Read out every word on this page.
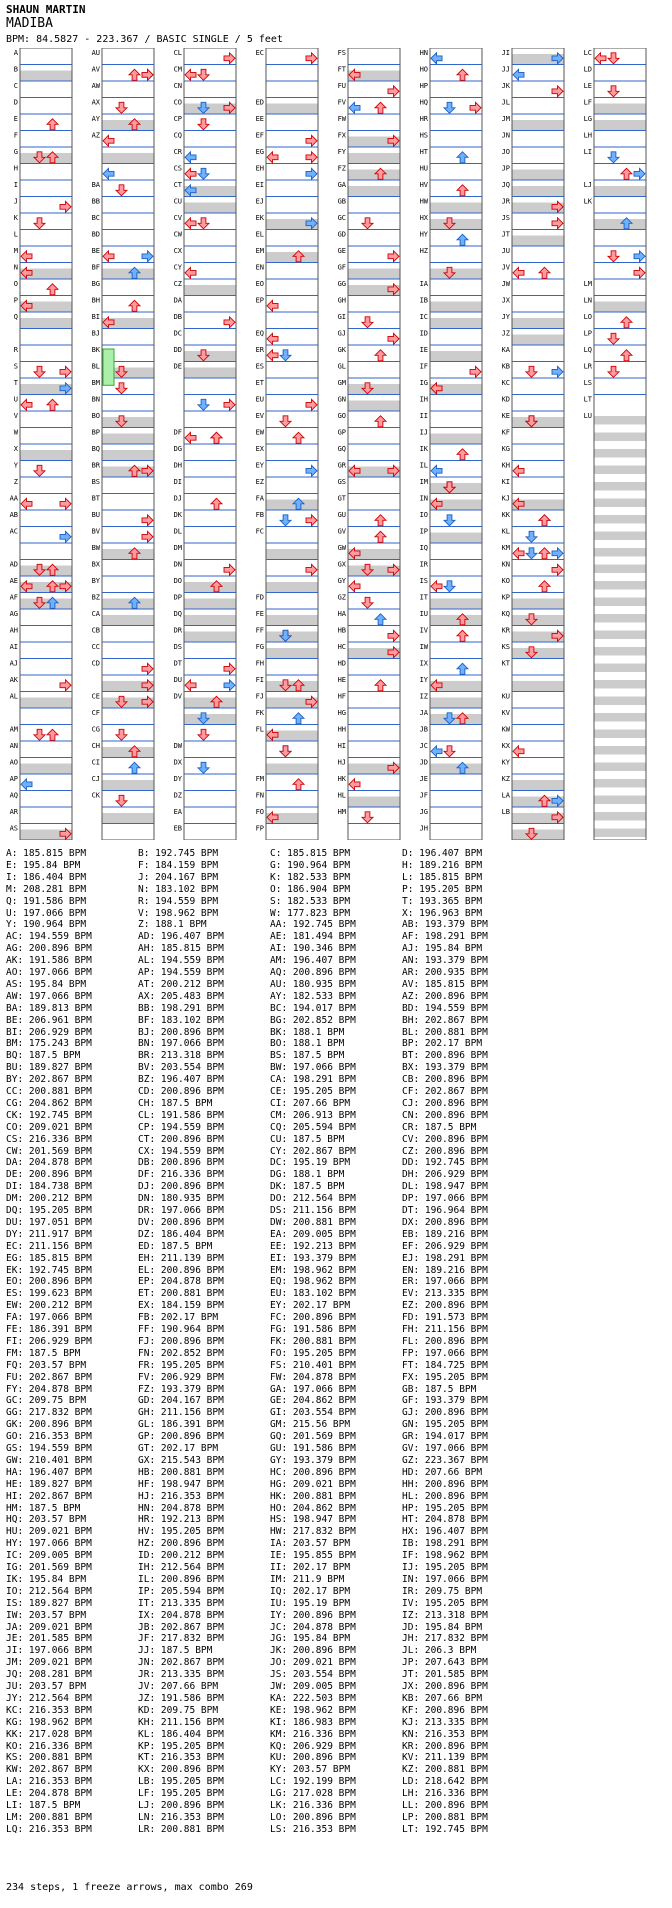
SHAUN MARTIN
MADIBA
BPM: 84.5827 - 223.367 / BASIC SINGLE / 5 feet
A
B
C
D
E
F
G
H
I
J
K
L
M
N
O
P
Q
R
S
T
U
V
W
X
Y
Z
AA
AB
AC
AD
AE
AF
AG
AH
AI
AJ
AK
AL
AM
AN
AO
AP
AQ
AR
AS
AU
AV
AW
AX
AY
AZ
BA
BB
BC
BD
BE
BF
BG
BH
BI
BJ
BK
BL
BM
BN
BO
BP
BQ
BR
BS
BT
BU
BV
BW
BX
BY
BZ
CA
CB
CC
CD
CE
CF
CG
CH
CI
CJ
CK
CL
CM
CN
CO
CP
CQ
CR
CS
CT
CU
CV
CW
CX
CY
CZ
DA
DB
DC
DD
DE
DF
DG
DH
DI
DJ
DK
DL
DM
DN
DO
DP
DQ
DR
DS
DT
DU
DV
DW
DX
DY
DZ
EA
EB
EC
ED
EE
EF
EG
EH
EI
EJ
EK
EL
EM
EN
EO
EP
EQ
ER
ES
ET
EU
EV
EW
EX
EY
EZ
FA
FB
FC
FD
FE
FF
FG
FH
FI
FJ
FK
FL
FM
FN
FO
FP
FS
FT
FU
FV
FW
FX
FY
FZ
GA
GB
GC
GD
GE
GF
GG
GH
GI
GJ
GK
GL
GM
GN
GO
GP
GQ
GR
GS
GT
GU
GV
GW
GX
GY
GZ
HA
HB
HC
HD
HE
HF
HG
HH
HI
HJ
HK
HL
HM
HN
HO
HP
HQ
HR
HS
HT
HU
HV
HW
HX
HY
HZ
IA
IB
IC
ID
IE
IF
IG
IH
II
IJ
IK
IL
IM
IN
IO
IP
IQ
IR
IS
IT
IU
IV
IW
IX
IY
IZ
JA
JB
JC
JD
JE
JF
JG
JH
JI
JJ
JK
JL
JM
JN
JO
JP
JQ
JR
JS
JT
JU
JV
JW
JX
JY
JZ
KA
KB
KC
KD
KE
KF
KG
KH
KI
KJ
KK
KL
KM
KN
KO
KP
KQ
KR
KS
KT
KU
KV
KW
KX
KY
KZ
LA
LB
LC
LD
LE
LF
LG
LH
LI
LJ
LK
LM
LN
LO
LP
LQ
LR
LS
LT
LU
A: 185.815 BPM	B: 192.745 BPM	C: 185.815 BPM	D: 196.407 BPM
E: 195.84 BPM	F: 184.159 BPM	G: 190.964 BPM	H: 189.216 BPM
I: 186.404 BPM	J: 204.167 BPM	K: 182.533 BPM	L: 185.815 BPM
M: 208.281 BPM	N: 183.102 BPM	O: 186.904 BPM	P: 195.205 BPM
Q: 191.586 BPM	R: 194.559 BPM	S: 182.533 BPM	T: 193.365 BPM
U: 197.066 BPM	V: 198.962 BPM	W: 177.823 BPM	X: 196.963 BPM
Y: 190.964 BPM	Z: 188.1 BPM	AA: 192.745 BPM	AB: 193.379 BPM
AC: 194.559 BPM	AD: 196.407 BPM	AE: 181.494 BPM	AF: 198.291 BPM
AG: 200.896 BPM	AH: 185.815 BPM	AI: 190.346 BPM	AJ: 195.84 BPM
AK: 191.586 BPM	AL: 194.559 BPM	AM: 196.407 BPM	AN: 193.379 BPM
AO: 197.066 BPM	AP: 194.559 BPM	AQ: 200.896 BPM	AR: 200.935 BPM
AS: 195.84 BPM	AT: 200.212 BPM	AU: 180.935 BPM	AV: 185.815 BPM
AW: 197.066 BPM	AX: 205.483 BPM	AY: 182.533 BPM	AZ: 200.896 BPM
BA: 189.813 BPM	BB: 198.291 BPM	BC: 194.017 BPM	BD: 194.559 BPM
BE: 206.961 BPM	BF: 183.102 BPM	BG: 202.852 BPM	BH: 202.867 BPM
BI: 206.929 BPM	BJ: 200.896 BPM	BK: 188.1 BPM	BL: 200.881 BPM
BM: 175.243 BPM	BN: 197.066 BPM	BO: 188.1 BPM	BP: 202.17 BPM
BQ: 187.5 BPM	BR: 213.318 BPM	BS: 187.5 BPM	BT: 200.896 BPM
BU: 189.827 BPM	BV: 203.554 BPM	BW: 197.066 BPM	BX: 193.379 BPM
BY: 202.867 BPM	BZ: 196.407 BPM	CA: 198.291 BPM	CB: 200.896 BPM
CC: 200.881 BPM	CD: 200.896 BPM	CE: 195.205 BPM	CF: 202.867 BPM
CG: 204.862 BPM	CH: 187.5 BPM	CI: 207.66 BPM	CJ: 200.896 BPM
CK: 192.745 BPM	CL: 191.586 BPM	CM: 206.913 BPM	CN: 200.896 BPM
CO: 209.021 BPM	CP: 194.559 BPM	CQ: 205.594 BPM	CR: 187.5 BPM
CS: 216.336 BPM	CT: 200.896 BPM	CU: 187.5 BPM	CV: 200.896 BPM
CW: 201.569 BPM	CX: 194.559 BPM	CY: 202.867 BPM	CZ: 200.896 BPM
DA: 204.878 BPM	DB: 200.896 BPM	DC: 195.19 BPM	DD: 192.745 BPM
DE: 200.896 BPM	DF: 216.336 BPM	DG: 188.1 BPM	DH: 206.929 BPM
DI: 184.738 BPM	DJ: 200.896 BPM	DK: 187.5 BPM	DL: 198.947 BPM
DM: 200.212 BPM	DN: 180.935 BPM	DO: 212.564 BPM	DP: 197.066 BPM
DQ: 195.205 BPM	DR: 197.066 BPM	DS: 211.156 BPM	DT: 196.964 BPM
DU: 197.051 BPM	DV: 200.896 BPM	DW: 200.881 BPM	DX: 200.896 BPM
DY: 211.917 BPM	DZ: 186.404 BPM	EA: 209.005 BPM	EB: 189.216 BPM
EC: 211.156 BPM	ED: 187.5 BPM	EE: 192.213 BPM	EF: 206.929 BPM
EG: 185.815 BPM	EH: 211.139 BPM	EI: 193.379 BPM	EJ: 198.291 BPM
EK: 192.745 BPM	EL: 200.896 BPM	EM: 198.962 BPM	EN: 189.216 BPM
EO: 200.896 BPM	EP: 204.878 BPM	EQ: 198.962 BPM	ER: 197.066 BPM
ES: 199.623 BPM	ET: 200.881 BPM	EU: 183.102 BPM	EV: 213.335 BPM
EW: 200.212 BPM	EX: 184.159 BPM	EY: 202.17 BPM	EZ: 200.896 BPM
FA: 197.066 BPM	FB: 202.17 BPM	FC: 200.896 BPM	FD: 191.573 BPM
FE: 186.391 BPM	FF: 190.964 BPM	FG: 191.586 BPM	FH: 211.156 BPM
FI: 206.929 BPM	FJ: 200.896 BPM	FK: 200.881 BPM	FL: 200.896 BPM
FM: 187.5 BPM	FN: 202.852 BPM	FO: 195.205 BPM	FP: 197.066 BPM
FQ: 203.57 BPM	FR: 195.205 BPM	FS: 210.401 BPM	FT: 184.725 BPM
FU: 202.867 BPM	FV: 206.929 BPM	FW: 204.878 BPM	FX: 195.205 BPM
FY: 204.878 BPM	FZ: 193.379 BPM	GA: 197.066 BPM	GB: 187.5 BPM
GC: 209.75 BPM	GD: 204.167 BPM	GE: 204.862 BPM	GF: 193.379 BPM
GG: 217.832 BPM	GH: 211.156 BPM	GI: 203.554 BPM	GJ: 200.896 BPM
GK: 200.896 BPM	GL: 186.391 BPM	GM: 215.56 BPM	GN: 195.205 BPM
GO: 216.353 BPM	GP: 200.896 BPM	GQ: 201.569 BPM	GR: 194.017 BPM
GS: 194.559 BPM	GT: 202.17 BPM	GU: 191.586 BPM	GV: 197.066 BPM
GW: 210.401 BPM	GX: 215.543 BPM	GY: 193.379 BPM	GZ: 223.367 BPM
HA: 196.407 BPM	HB: 200.881 BPM	HC: 200.896 BPM	HD: 207.66 BPM
HE: 189.827 BPM	HF: 198.947 BPM	HG: 209.021 BPM	HH: 200.896 BPM
HI: 202.867 BPM	HJ: 216.353 BPM	HK: 200.881 BPM	HL: 200.896 BPM
HM: 187.5 BPM	HN: 204.878 BPM	HO: 204.862 BPM	HP: 195.205 BPM
HQ: 203.57 BPM	HR: 192.213 BPM	HS: 198.947 BPM	HT: 204.878 BPM
HU: 209.021 BPM	HV: 195.205 BPM	HW: 217.832 BPM	HX: 196.407 BPM
HY: 197.066 BPM	HZ: 200.896 BPM	IA: 203.57 BPM	IB: 198.291 BPM
IC: 209.005 BPM	ID: 200.212 BPM	IE: 195.855 BPM	IF: 198.962 BPM
IG: 201.569 BPM	IH: 212.564 BPM	II: 202.17 BPM	IJ: 195.205 BPM
IK: 195.84 BPM	IL: 200.896 BPM	IM: 211.9 BPM	IN: 197.066 BPM
IO: 212.564 BPM	IP: 205.594 BPM	IQ: 202.17 BPM	IR: 209.75 BPM
IS: 189.827 BPM	IT: 213.335 BPM	IU: 195.19 BPM	IV: 195.205 BPM
IW: 203.57 BPM	IX: 204.878 BPM	IY: 200.896 BPM	IZ: 213.318 BPM
JA: 209.021 BPM	JB: 202.867 BPM	JC: 204.878 BPM	JD: 195.84 BPM
JE: 201.585 BPM	JF: 217.832 BPM	JG: 195.84 BPM	JH: 217.832 BPM
JI: 197.066 BPM	JJ: 187.5 BPM	JK: 200.896 BPM	JL: 206.3 BPM
JM: 209.021 BPM	JN: 202.867 BPM	JO: 209.021 BPM	JP: 207.643 BPM
JQ: 208.281 BPM	JR: 213.335 BPM	JS: 203.554 BPM	JT: 201.585 BPM
JU: 203.57 BPM	JV: 207.66 BPM	JW: 209.005 BPM	JX: 200.896 BPM
JY: 212.564 BPM	JZ: 191.586 BPM	KA: 222.503 BPM	KB: 207.66 BPM
KC: 216.353 BPM	KD: 209.75 BPM	KE: 198.962 BPM	KF: 200.896 BPM
KG: 198.962 BPM	KH: 211.156 BPM	KI: 186.983 BPM	KJ: 213.335 BPM
KK: 217.028 BPM	KL: 186.404 BPM	KM: 216.336 BPM	KN: 216.353 BPM
KO: 216.336 BPM	KP: 195.205 BPM	KQ: 206.929 BPM	KR: 200.896 BPM
KS: 200.881 BPM	KT: 216.353 BPM	KU: 200.896 BPM	KV: 211.139 BPM
KW: 202.867 BPM	KX: 200.896 BPM	KY: 203.57 BPM	KZ: 200.881 BPM
LA: 216.353 BPM	LB: 195.205 BPM	LC: 192.199 BPM	LD: 218.642 BPM
LE: 204.878 BPM	LF: 195.205 BPM	LG: 217.028 BPM	LH: 216.336 BPM
LI: 187.5 BPM	LJ: 200.896 BPM	LK: 216.336 BPM	LL: 200.896 BPM
LM: 200.881 BPM	LN: 216.353 BPM	LO: 200.896 BPM	LP: 200.881 BPM
LQ: 216.353 BPM	LR: 200.881 BPM	LS: 216.353 BPM	LT: 192.745 BPM
234 steps, 1 freeze arrows, max combo 269
